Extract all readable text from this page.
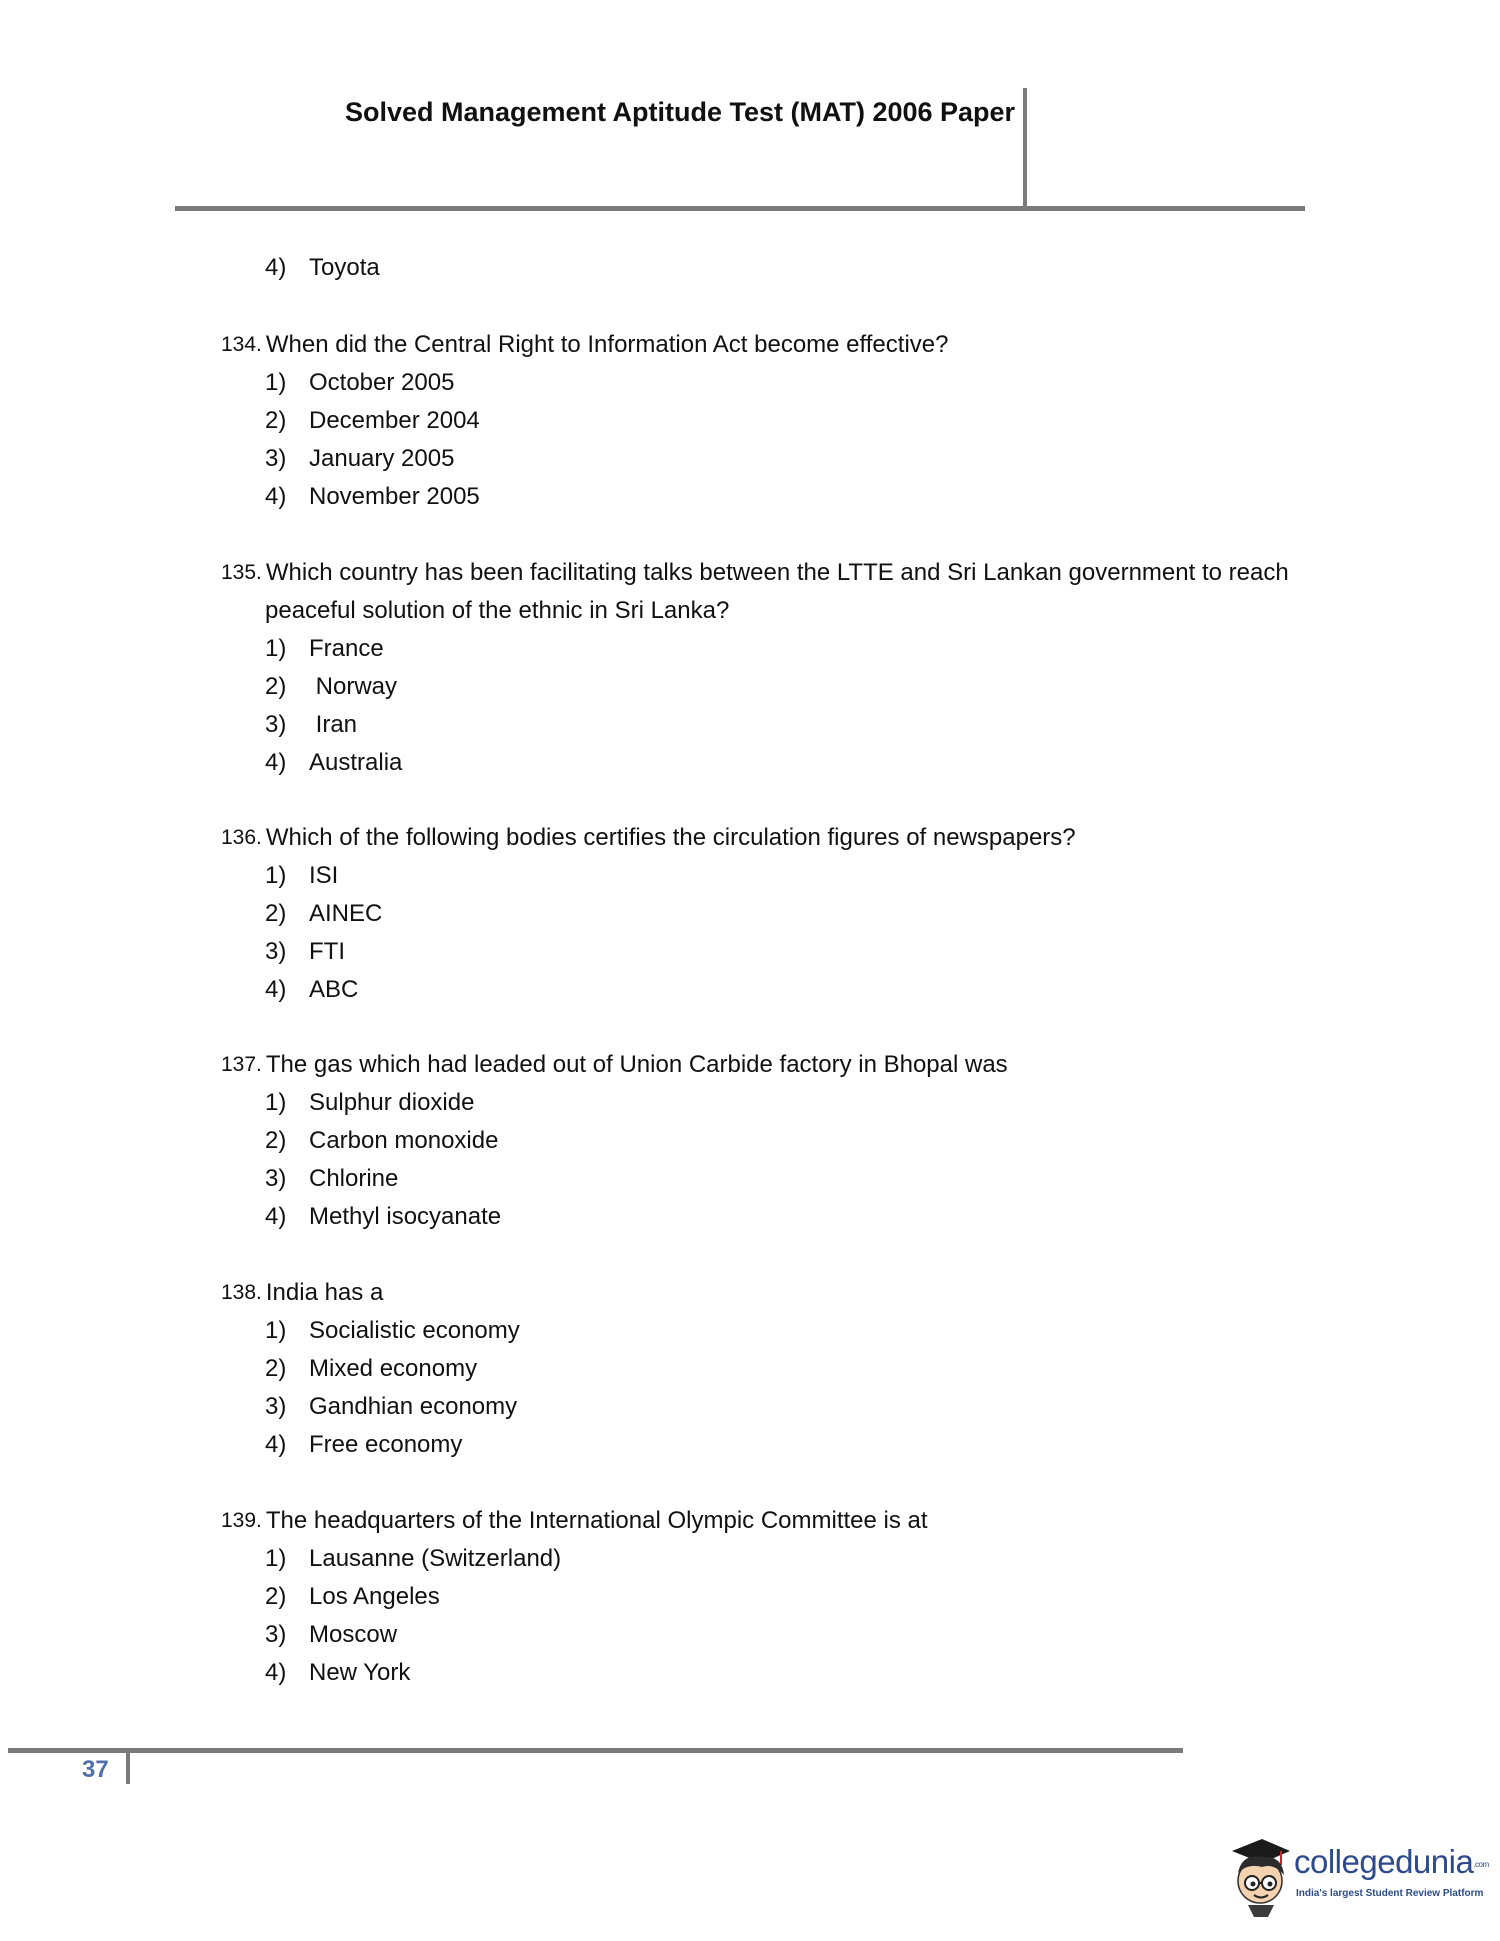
Solved Management Aptitude Test (MAT) 2006 Paper
4) Toyota
134. When did the Central Right to Information Act become effective?
1) October 2005
2) December 2004
3) January 2005
4) November 2005
135. Which country has been facilitating talks between the LTTE and Sri Lankan government to reach
peaceful solution of the ethnic in Sri Lanka?
1) France
2) Norway
3) Iran
4) Australia
136. Which of the following bodies certifies the circulation figures of newspapers?
1) ISI
2) AINEC
3) FTI
4) ABC
137. The gas which had leaded out of Union Carbide factory in Bhopal was
1) Sulphur dioxide
2) Carbon monoxide
3) Chlorine
4) Methyl isocyanate
138. India has a
1) Socialistic economy
2) Mixed economy
3) Gandhian economy
4) Free economy
139. The headquarters of the International Olympic Committee is at
1) Lausanne (Switzerland)
2) Los Angeles
3) Moscow
4) New York
37
collegedunia.com
India's largest Student Review Platform
